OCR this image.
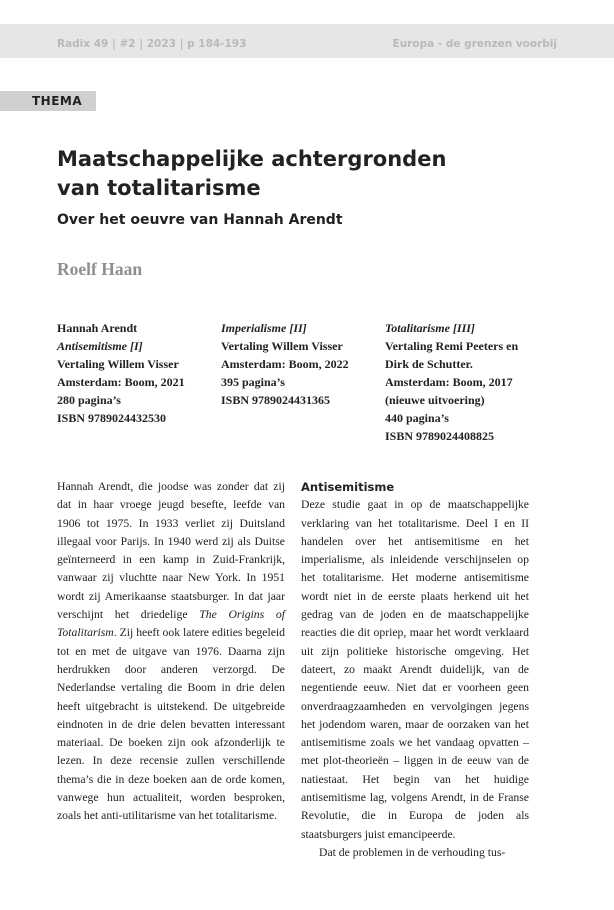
Radix 49 | #2 | 2023 | p 184-193	Europa - de grenzen voorbij
THEMA
Maatschappelijke achtergronden
van totalitarisme
Over het oeuvre van Hannah Arendt
Roelf Haan
Hannah Arendt
Antisemitisme [I]
Vertaling Willem Visser
Amsterdam: Boom, 2021
280 pagina’s
ISBN 9789024432530
Imperialisme [II]
Vertaling Willem Visser
Amsterdam: Boom, 2022
395 pagina’s
ISBN 9789024431365
Totalitarisme [III]
Vertaling Remi Peeters en
Dirk de Schutter.
Amsterdam: Boom, 2017
(nieuwe uitvoering)
440 pagina’s
ISBN 9789024408825

Hannah Arendt, die joodse was zonder dat zij dat in haar vroege jeugd besefte, leefde van 1906 tot 1975. In 1933 verliet zij Duitsland illegaal voor Parijs. In 1940 werd zij als Duitse geïnterneerd in een kamp in Zuid-Frankrijk, vanwaar zij vluchtte naar New York. In 1951 wordt zij Amerikaanse staatsburger. In dat jaar verschijnt het driedelige The Origins of Totalitarism. Zij heeft ook latere edities begeleid tot en met de uitgave van 1976. Daarna zijn herdrukken door anderen verzorgd. De Nederlandse vertaling die Boom in drie delen heeft uitgebracht is uitstekend. De uitgebreide eindnoten in de drie delen bevatten interessant materiaal. De boeken zijn ook afzonderlijk te lezen. In deze recensie zullen verschillende thema’s die in deze boeken aan de orde komen, vanwege hun actualiteit, worden besproken, zoals het anti-utilitarisme van het totalitarisme.

Antisemitisme

Deze studie gaat in op de maatschappelijke verklaring van het totalitarisme. Deel I en II handelen over het antisemitisme en het imperialisme, als inleidende verschijnselen op het totalitarisme. Het moderne antisemitisme wordt niet in de eerste plaats herkend uit het gedrag van de joden en de maatschappelijke reacties die dit opriep, maar het wordt verklaard uit zijn politieke historische omgeving. Het dateert, zo maakt Arendt duidelijk, van de negentiende eeuw. Niet dat er voorheen geen onverdraagzaamheden en vervolgingen jegens het jodendom waren, maar de oorzaken van het antisemitisme zoals we het vandaag opvatten – met plot-theorieën – liggen in de eeuw van de natiestaat. Het begin van het huidige antisemitisme lag, volgens Arendt, in de Franse Revolutie, die in Europa de joden als staatsburgers juist emancipeerde.

Dat de problemen in de verhouding tus-
